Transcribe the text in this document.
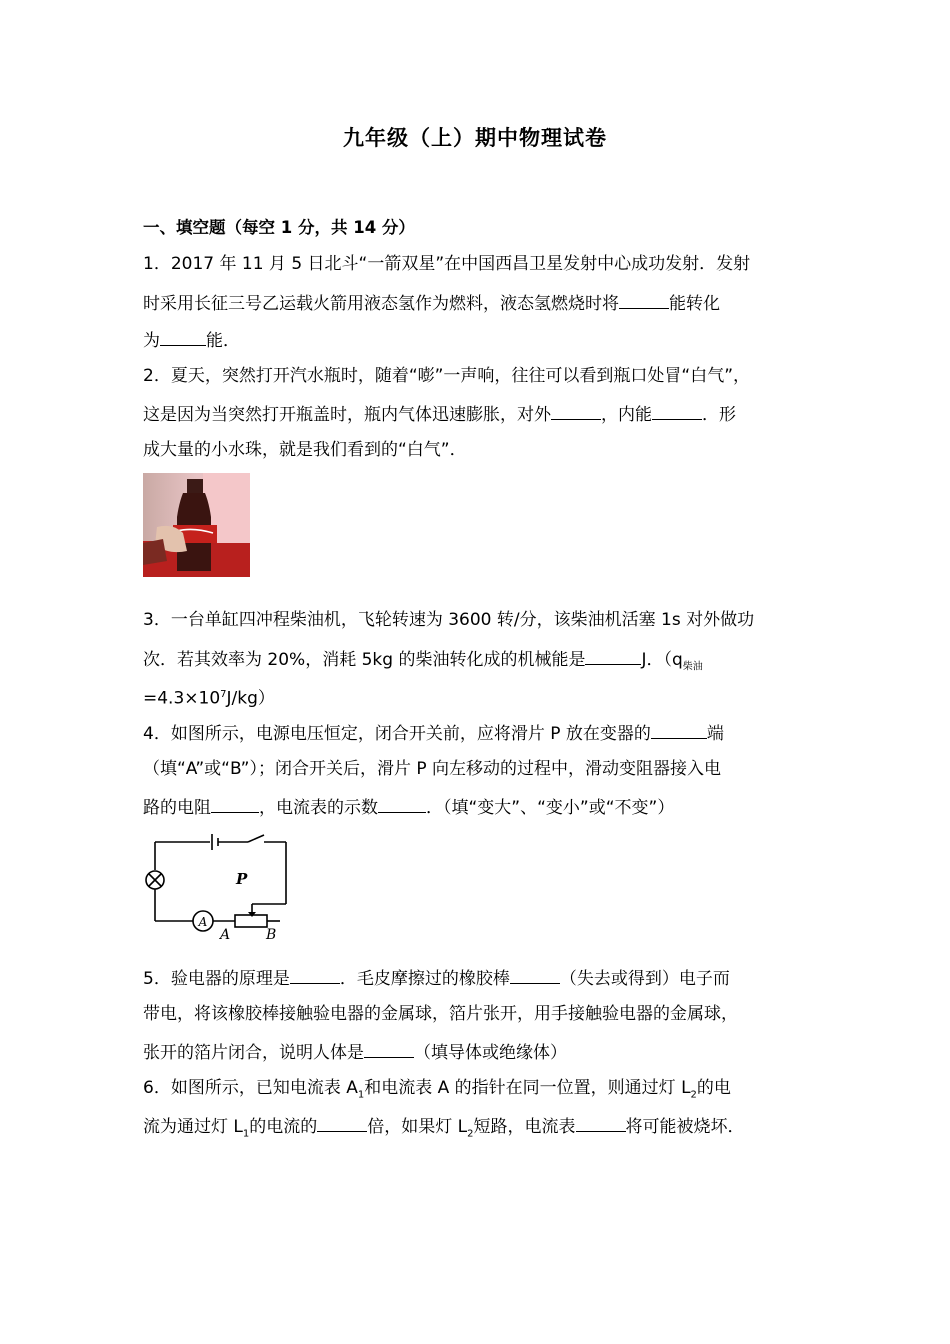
九年级（上）期中物理试卷
一、填空题（每空 1 分，共 14 分）
1．2017 年 11 月 5 日北斗“一箭双星”在中国西昌卫星发射中心成功发射．发射
时采用长征三号乙运载火箭用液态氢作为燃料，液态氢燃烧时将	能转化
为	能．
2．夏天，突然打开汽水瓶时，随着“嘭”一声响，往往可以看到瓶口处冒“白气”，
这是因为当突然打开瓶盖时，瓶内气体迅速膨胀，对外	，内能	．形
成大量的小水珠，就是我们看到的“白气”．
3．一台单缸四冲程柴油机，飞轮转速为 3600 转/分，该柴油机活塞 1s 对外做功
次．若其效率为 20%，消耗 5kg 的柴油转化成的机械能是	J．（$q_{柴油}$
$=4.3\times 10^7J/kg$）
4．如图所示，电源电压恒定，闭合开关前，应将滑片 P 放在变器的	端
（填“A”或“B”）；闭合开关后，滑片 P 向左移动的过程中，滑动变阻器接入电
路的电阻	，电流表的示数	．（填“变大”、“变小”或“不变”）
A
P
A	B
5．验电器的原理是	．毛皮摩擦过的橡胶棒	（失去或得到）电子而
带电，将该橡胶棒接触验电器的金属球，箔片张开，用手接触验电器的金属球，
张开的箔片闭合，说明人体是	（填导体或绝缘体）
6．如图所示，已知电流表 $A_1$和电流表 A 的指针在同一位置，则通过灯 $L_2$的电
流为通过灯 $L_1$的电流的	倍，如果灯 $L_2$短路，电流表	将可能被烧坏．
